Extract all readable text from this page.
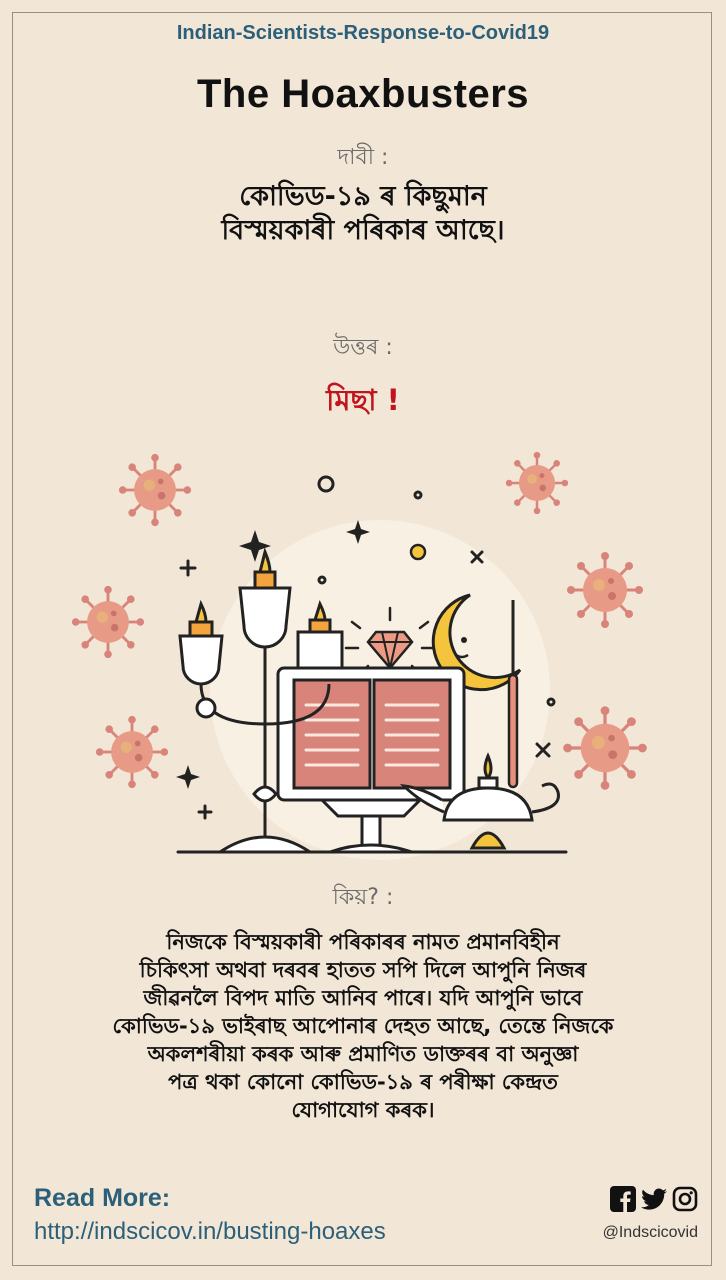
Indian-Scientists-Response-to-Covid19
The Hoaxbusters
দাবী :
কোভিড-১৯ ৰ কিছুমান
বিস্ময়কাৰী পৰিকাৰ আছে।
উত্তৰ :
মিছা !
কিয়? :
নিজকে বিস্ময়কাৰী পৰিকাৰৰ নামত প্ৰমানবিহীন
চিকিৎসা অথবা দৰবৰ হাতত সপি দিলে আপুনি নিজৰ
জীৱনলৈ বিপদ মাতি আনিব পাৰে। যদি আপুনি ভাবে
কোভিড-১৯ ভাইৰাছ আপোনাৰ দেহত আছে, তেন্তে নিজকে
অকলশৰীয়া কৰক আৰু প্ৰমাণিত ডাক্তৰৰ বা অনুজ্ঞা
পত্ৰ থকা কোনো কোভিড-১৯ ৰ পৰীক্ষা কেন্দ্ৰত
যোগাযোগ কৰক।
Read More:
http://indscicov.in/busting-hoaxes	@Indscicovid
